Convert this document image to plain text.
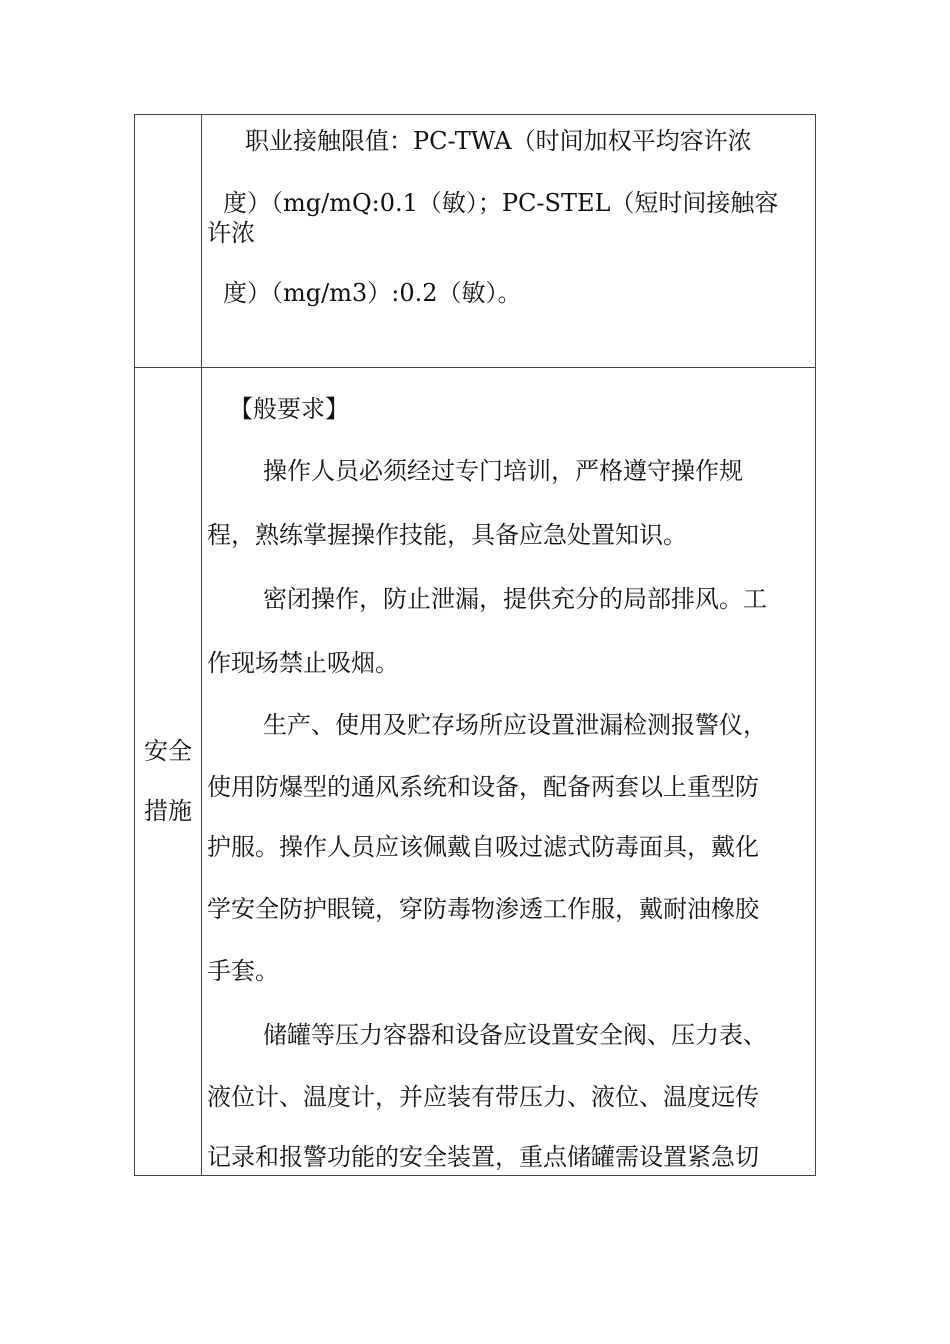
职业接触限值：PC-TWA（时间加权平均容许浓
度）（mg/mQ:0.1（敏）；PC-STEL（短时间接触容
许浓
度）（mg/m3）:0.2（敏）。
安全
措施
【般要求】
操作人员必须经过专门培训，严格遵守操作规
程，熟练掌握操作技能，具备应急处置知识。
密闭操作，防止泄漏，提供充分的局部排风。工
作现场禁止吸烟。
生产、使用及贮存场所应设置泄漏检测报警仪，
使用防爆型的通风系统和设备，配备两套以上重型防
护服。操作人员应该佩戴自吸过滤式防毒面具，戴化
学安全防护眼镜，穿防毒物渗透工作服，戴耐油橡胶
手套。
储罐等压力容器和设备应设置安全阀、压力表、
液位计、温度计，并应装有带压力、液位、温度远传
记录和报警功能的安全装置，重点储罐需设置紧急切
